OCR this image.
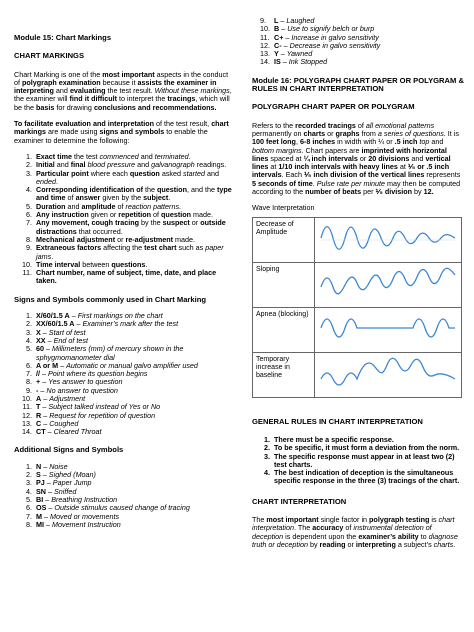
Module 15: Chart Markings
CHART MARKINGS

Chart Marking is one of the most important aspects in the conduct of polygraph examination because it assists the examiner in interpreting and evaluating the test result. Without these markings, the examiner will find it difficult to interpret the tracings, which will be the basis for drawing conclusions and recommendations.

To facilitate evaluation and interpretation of the test result, chart markings are made using signs and symbols to enable the examiner to determine the following:

1. Exact time the test commenced and terminated.
2. Initial and final blood pressure and galvanograph readings.
3. Particular point where each question asked started and ended.
4. Corresponding identification of the question, and the type and time of answer given by the subject.
5. Duration and amplitude of reaction patterns.
6. Any instruction given or repetition of question made.
7. Any movement, cough tracing by the suspect or outside distractions that occurred.
8. Mechanical adjustment or re-adjustment made.
9. Extraneous factors affecting the test chart such as paper jams.
10. Time interval between questions.
11. Chart number, name of subject, time, date, and place taken.
Signs and Symbols commonly used in Chart Marking
1. X/60/1.5 A – First markings on the chart
2. XX/60/1.5 A – Examiner’s mark after the test
3. X – Start of test
4. XX – End of test
5. 60 – Millimeters (mm) of mercury shown in the sphygmomanometer dial
6. A or M – Automatic or manual galvo amplifier used
7. // – Point where its question begins
8. + – Yes answer to question
9. - – No answer to question
10. A – Adjustment
11. T – Subject talked instead of Yes or No
12. R – Request for repetition of question
13. C – Coughed
14. CT – Cleared Throat
Additional Signs and Symbols
1. N – Noise
2. S – Sighed (Moan)
3. PJ – Paper Jump
4. SN – Sniffed
5. BI – Breathing Instruction
6. OS – Outside stimulus caused change of tracing
7. M – Moved or movements
8. MI – Movement Instruction
9. L – Laughed
10. B – Use to signify belch or burp
11. C+ – Increase in galvo sensitivity
12. C- – Decrease in galvo sensitivity
13. Y – Yawned
14. IS – Ink Stopped
Module 16: POLYGRAPH CHART PAPER OR POLYGRAM & RULES IN CHART INTERPRETATION
POLYGRAPH CHART PAPER OR POLYGRAM

Refers to the recorded tracings of all emotional patterns permanently on charts or graphs from a series of questions. It is 100 feet long, 6-8 inches in width with ¼ or .5 inch top and bottom margins. Chart papers are imprinted with horizontal lines spaced at ¼ inch intervals or 20 divisions and vertical lines at 1/10 inch intervals with heavy lines at ⅟₅ or .5 inch intervals. Each ⅟₅ inch division of the vertical lines represents 5 seconds of time. Pulse rate per minute may then be computed according to the number of beats per ⅟₅ division by 12.

Wave Interpretation

Decrease of Amplitude	

Sloping	

Apnea (blocking)	

Temporary increase in baseline	
GENERAL RULES IN CHART INTERPRETATION
1. There must be a specific response.
2. To be specific, it must form a deviation from the norm.
3. The specific response must appear in at least two (2) test charts.
4. The best indication of deception is the simultaneous specific response in the three (3) tracings of the chart.
CHART INTERPRETATION

The most important single factor in polygraph testing is chart interpretation. The accuracy of instrumental detection of deception is dependent upon the examiner’s ability to diagnose truth or deception by reading or interpreting a subject’s charts.
